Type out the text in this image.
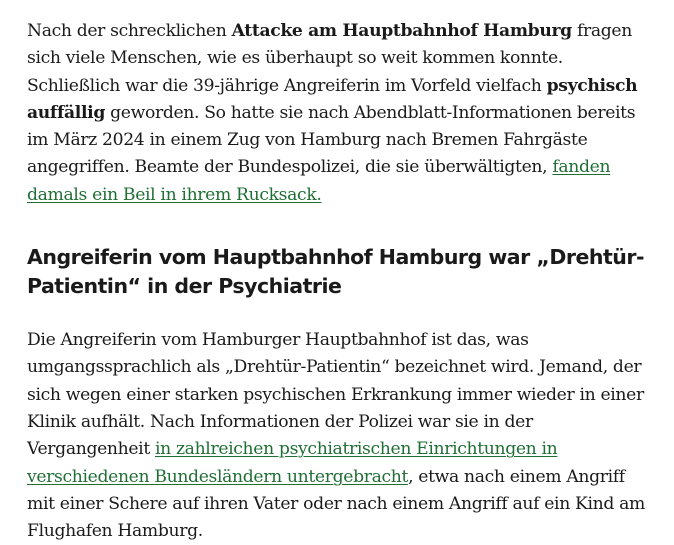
Nach der schrecklichen Attacke am Hauptbahnhof Hamburg fragen sich viele Menschen, wie es überhaupt so weit kommen konnte. Schließlich war die 39-jährige Angreiferin im Vorfeld vielfach psychisch auffällig geworden. So hatte sie nach Abendblatt-Informationen bereits im März 2024 in einem Zug von Hamburg nach Bremen Fahrgäste angegriffen. Beamte der Bundespolizei, die sie überwältigten, fanden damals ein Beil in ihrem Rucksack.

Angreiferin vom Hauptbahnhof Hamburg war „Drehtür-Patientin“ in der Psychiatrie

Die Angreiferin vom Hamburger Hauptbahnhof ist das, was umgangssprachlich als „Drehtür-Patientin“ bezeichnet wird. Jemand, der sich wegen einer starken psychischen Erkrankung immer wieder in einer Klinik aufhält. Nach Informationen der Polizei war sie in der Vergangenheit in zahlreichen psychiatrischen Einrichtungen in verschiedenen Bundesländern untergebracht, etwa nach einem Angriff mit einer Schere auf ihren Vater oder nach einem Angriff auf ein Kind am Flughafen Hamburg.
